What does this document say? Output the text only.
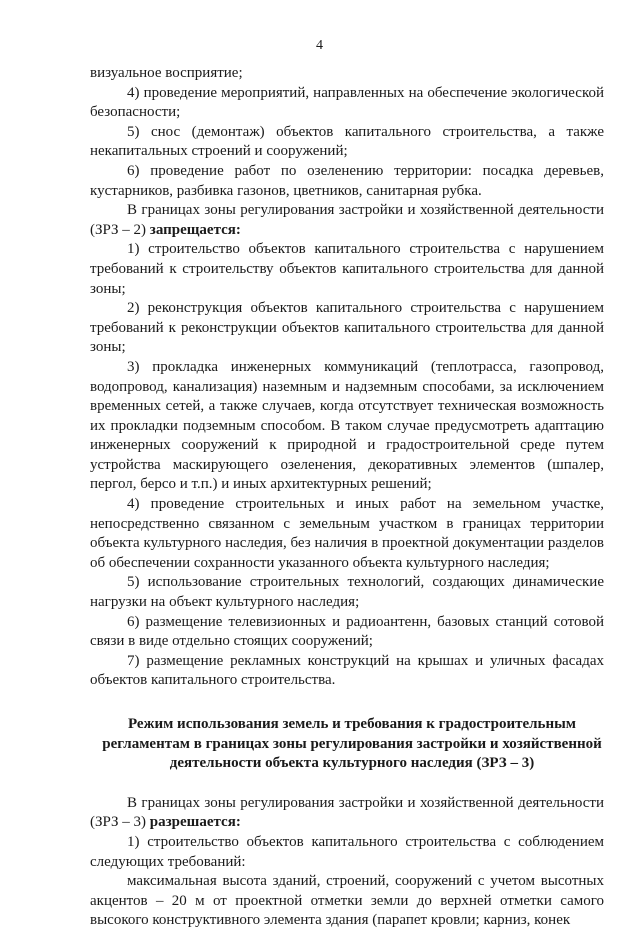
4

визуальное восприятие;

4) проведение мероприятий, направленных на обеспечение экологической безопасности;

5) снос (демонтаж) объектов капитального строительства, а также некапитальных строений и сооружений;

6) проведение работ по озеленению территории: посадка деревьев, кустарников, разбивка газонов, цветников, санитарная рубка.

В границах зоны регулирования застройки и хозяйственной деятельности (ЗРЗ – 2) запрещается:

1) строительство объектов капитального строительства с нарушением требований к строительству объектов капитального строительства для данной зоны;

2) реконструкция объектов капитального строительства с нарушением требований к реконструкции объектов капитального строительства для данной зоны;

3) прокладка инженерных коммуникаций (теплотрасса, газопровод, водопровод, канализация) наземным и надземным способами, за исключением временных сетей, а также случаев, когда отсутствует техническая возможность их прокладки подземным способом. В таком случае предусмотреть адаптацию инженерных сооружений к природной и градостроительной среде путем устройства маскирующего озеленения, декоративных элементов (шпалер, пергол, берсо и т.п.) и иных архитектурных решений;

4) проведение строительных и иных работ на земельном участке, непосредственно связанном с земельным участком в границах территории объекта культурного наследия, без наличия в проектной документации разделов об обеспечении сохранности указанного объекта культурного наследия;

5) использование строительных технологий, создающих динамические нагрузки на объект культурного наследия;

6) размещение телевизионных и радиоантенн, базовых станций сотовой связи в виде отдельно стоящих сооружений;

7) размещение рекламных конструкций на крышах и уличных фасадах объектов капитального строительства.

Режим использования земель и требования к градостроительным
регламентам в границах зоны регулирования застройки и хозяйственной
деятельности объекта культурного наследия (ЗРЗ – 3)

В границах зоны регулирования застройки и хозяйственной деятельности (ЗРЗ – 3) разрешается:

1) строительство объектов капитального строительства с соблюдением следующих требований:

максимальная высота зданий, строений, сооружений с учетом высотных акцентов – 20 м от проектной отметки земли до верхней отметки самого высокого конструктивного элемента здания (парапет кровли; карниз, конек
